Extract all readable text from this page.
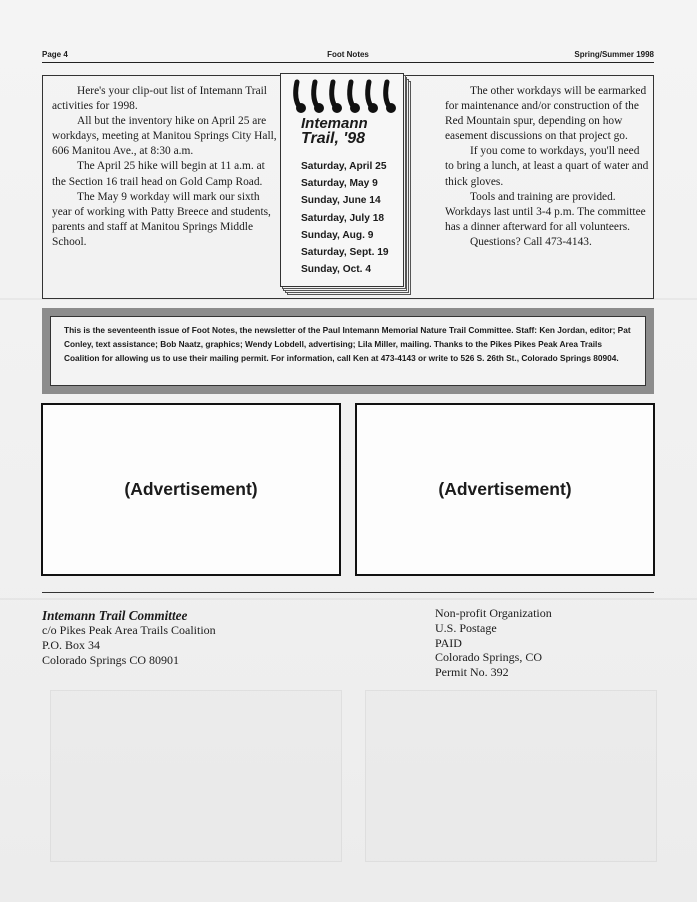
Page 4	Foot Notes	Spring/Summer 1998

Here's your clip-out list of Intemann Trail activities for 1998.

All but the inventory hike on April 25 are workdays, meeting at Manitou Springs City Hall, 606 Manitou Ave., at 8:30 a.m.

The April 25 hike will begin at 11 a.m. at the Section 16 trail head on Gold Camp Road.

The May 9 workday will mark our sixth year of working with Patty Breece and students, parents and staff at Manitou Springs Middle School.

Intemann
Trail, '98
Saturday, April 25
Saturday, May 9
Sunday, June 14
Saturday, July 18
Sunday, Aug. 9
Saturday, Sept. 19
Sunday, Oct. 4

The other workdays will be earmarked for maintenance and/or construction of the Red Mountain spur, depending on how easement discussions on that project go.

If you come to workdays, you'll need to bring a lunch, at least a quart of water and thick gloves.

Tools and training are provided. Workdays last until 3-4 p.m. The committee has a dinner afterward for all volunteers.

Questions? Call 473-4143.

This is the seventeenth issue of Foot Notes, the newsletter of the Paul Intemann Memorial Nature Trail Committee. Staff: Ken Jordan, editor; Pat Conley, text assistance; Bob Naatz, graphics; Wendy Lobdell, advertising; Lila Miller, mailing. Thanks to the Pikes Pikes Peak Area Trails Coalition for allowing us to use their mailing permit. For information, call Ken at 473-4143 or write to 526 S. 26th St., Colorado Springs 80904.
(Advertisement)	(Advertisement)
Intemann Trail Committee
c/o Pikes Peak Area Trails Coalition
P.O. Box 34
Colorado Springs CO 80901
Non-profit Organization
U.S. Postage
PAID
Colorado Springs, CO
Permit No. 392
